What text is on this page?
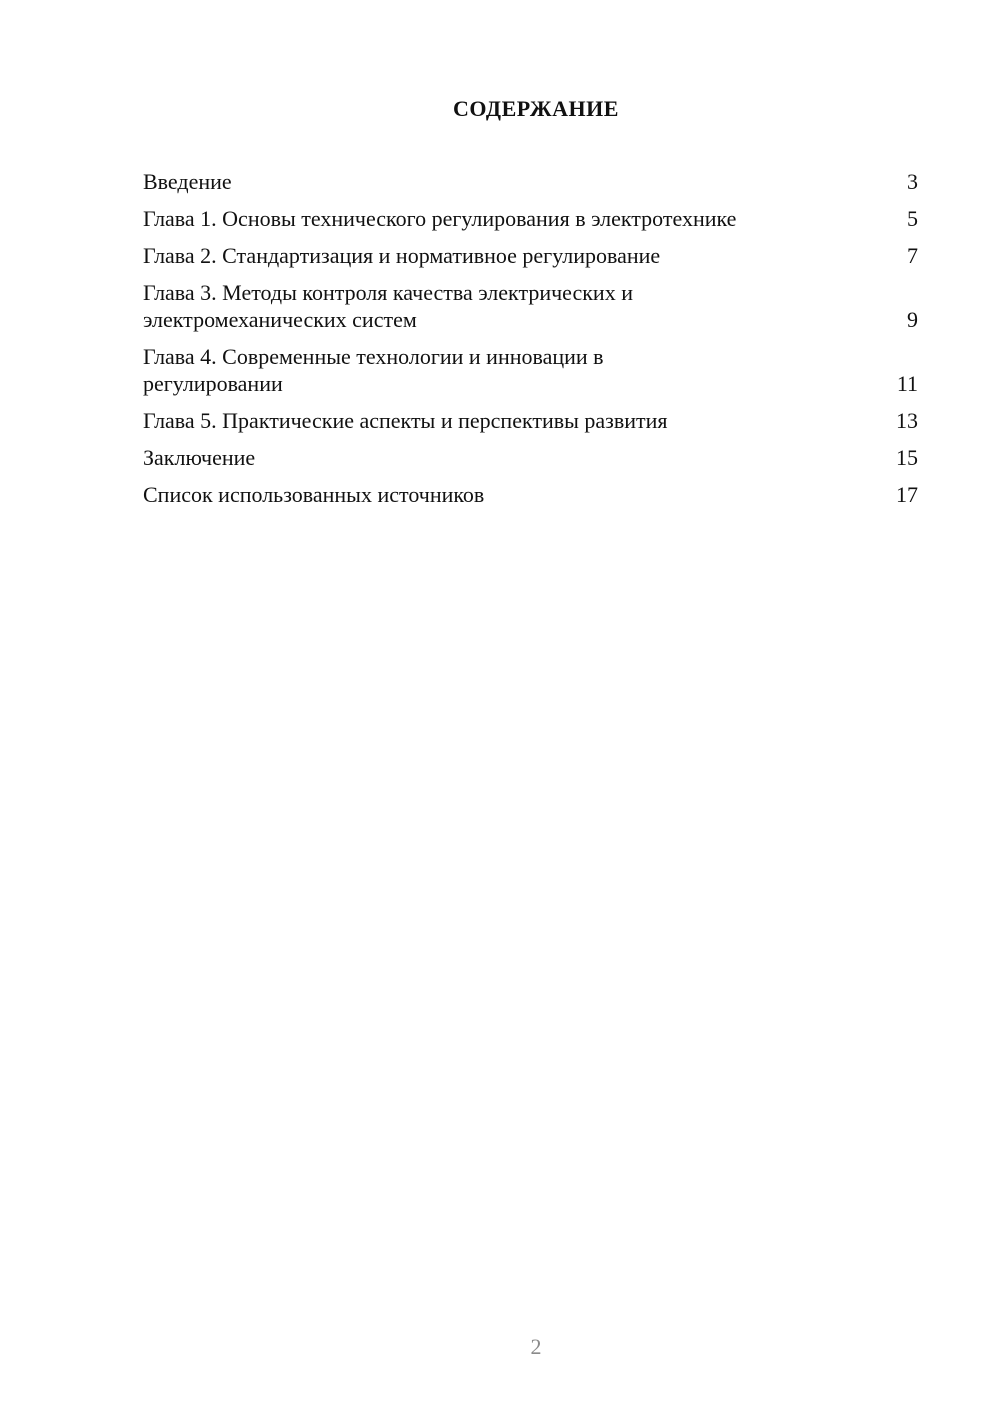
СОДЕРЖАНИЕ
Введение	3
Глава 1. Основы технического регулирования в электротехнике	5
Глава 2. Стандартизация и нормативное регулирование	7
Глава 3. Методы контроля качества электрических и электромеханических систем	9
Глава 4. Современные технологии и инновации в регулировании	11
Глава 5. Практические аспекты и перспективы развития	13
Заключение	15
Список использованных источников	17
2
